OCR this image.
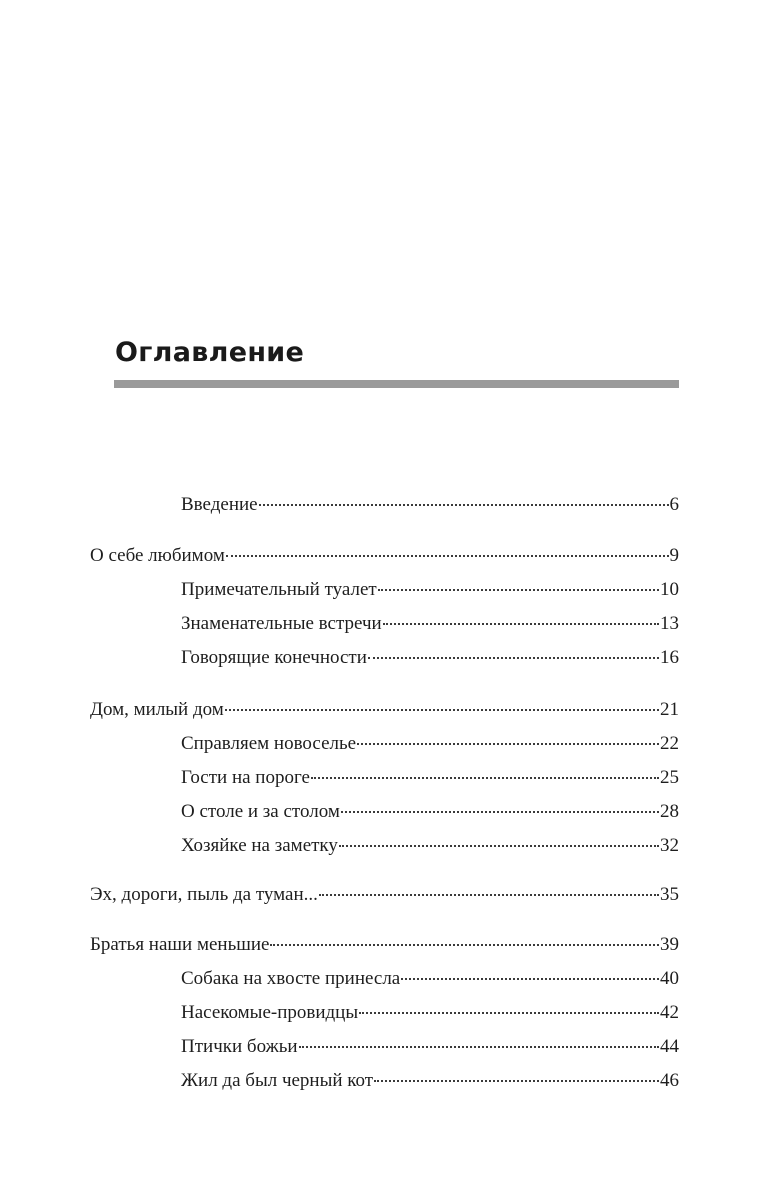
Оглавление
Введение	6
О себе любимом	9
Примечательный туалет	10
Знаменательные встречи	13
Говорящие конечности	16
Дом, милый дом	21
Справляем новоселье	22
Гости на пороге	25
О столе и за столом	28
Хозяйке на заметку	32
Эх, дороги, пыль да туман...	35
Братья наши меньшие	39
Собака на хвосте принесла	40
Насекомые-провидцы	42
Птички божьи	44
Жил да был черный кот	46
